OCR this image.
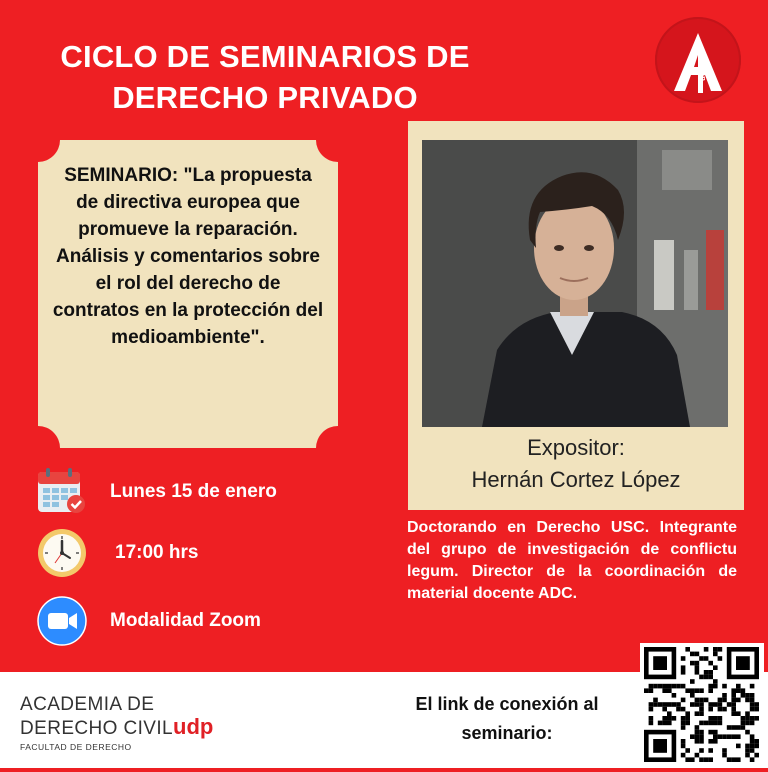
CICLO DE SEMINARIOS DE
DERECHO PRIVADO
udp
SEMINARIO: "La propuesta de directiva europea que promueve la reparación. Análisis y comentarios sobre el rol del derecho de contratos en la protección del medioambiente".
Lunes 15 de enero
17:00 hrs
Modalidad Zoom
Expositor:
Hernán Cortez López
Doctorando en Derecho USC. Integrante del grupo de investigación de conflictu legum. Director de la coordinación de material docente ADC.
ACADEMIA DE
DERECHO CIVILudp
FACULTAD DE DERECHO
El link de conexión al
seminario:
